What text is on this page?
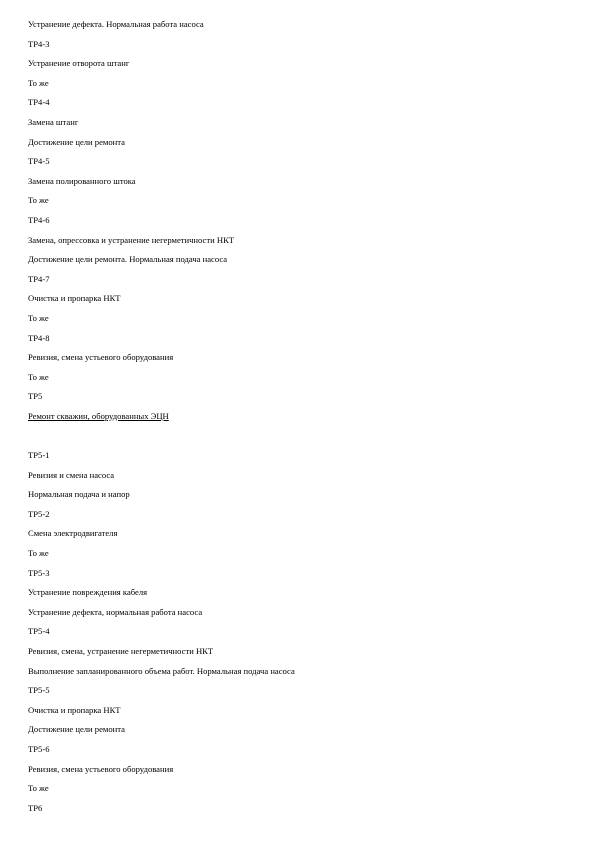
Устранение дефекта. Нормальная работа насоса
ТР4-3
Устранение отворота штанг
То же
ТР4-4
Замена штанг
Достижение цели ремонта
ТР4-5
Замена полированного штока
То же
ТР4-6
Замена, опрессовка и устранение негерметичности НКТ
Достижение цели ремонта. Нормальная подача насоса
ТР4-7
Очистка и пропарка НКТ
То же
ТР4-8
Ревизия, смена устьевого оборудования
То же
ТР5
Ремонт скважин, оборудованных ЭЦН
ТР5-1
Ревизия и смена насоса
Нормальная подача и напор
ТР5-2
Смена электродвигателя
То же
ТР5-3
Устранение повреждения кабеля
Устранение дефекта, нормальная работа насоса
ТР5-4
Ревизия, смена, устранение негерметичности НКТ
Выполнение запланированного объема работ. Нормальная подача насоса
ТР5-5
Очистка и пропарка НКТ
Достижение цели ремонта
ТР5-6
Ревизия, смена устьевого оборудования
То же
ТР6
